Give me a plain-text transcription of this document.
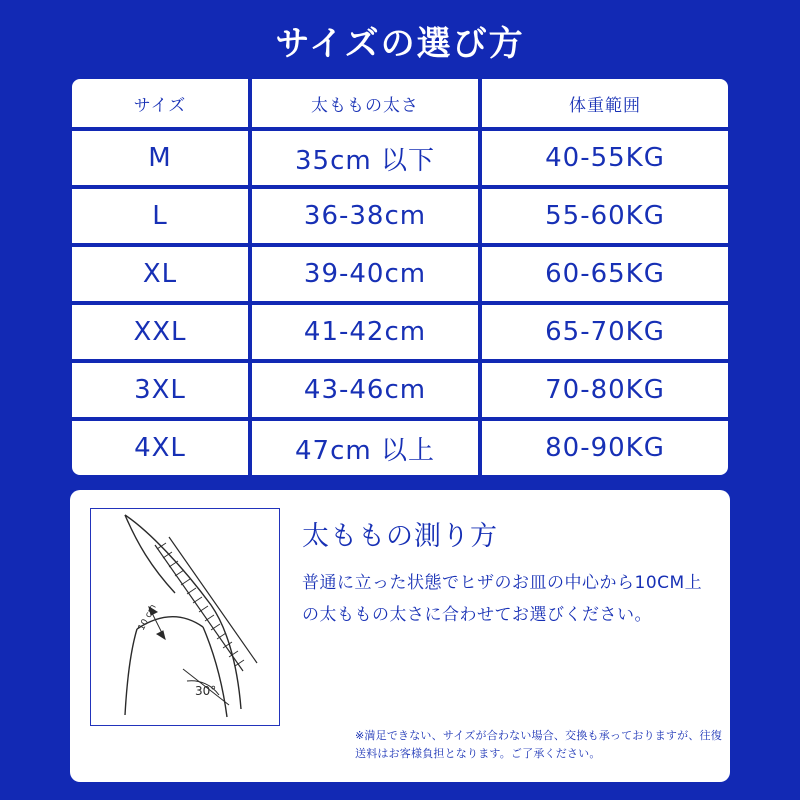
サイズの選び方
サイズ	太ももの太さ	体重範囲
M	35cm 以下	40-55KG
L	36-38cm	55-60KG
XL	39-40cm	60-65KG
XXL	41-42cm	65-70KG
3XL	43-46cm	70-80KG
4XL	47cm 以上	80-90KG
10 cm
30°
太ももの測り方
普通に立った状態でヒザのお皿の中心から10CM上の太ももの太さに合わせてお選びください。
※満足できない、サイズが合わない場合、交換も承っておりますが、往復送料はお客様負担となります。ご了承ください。
